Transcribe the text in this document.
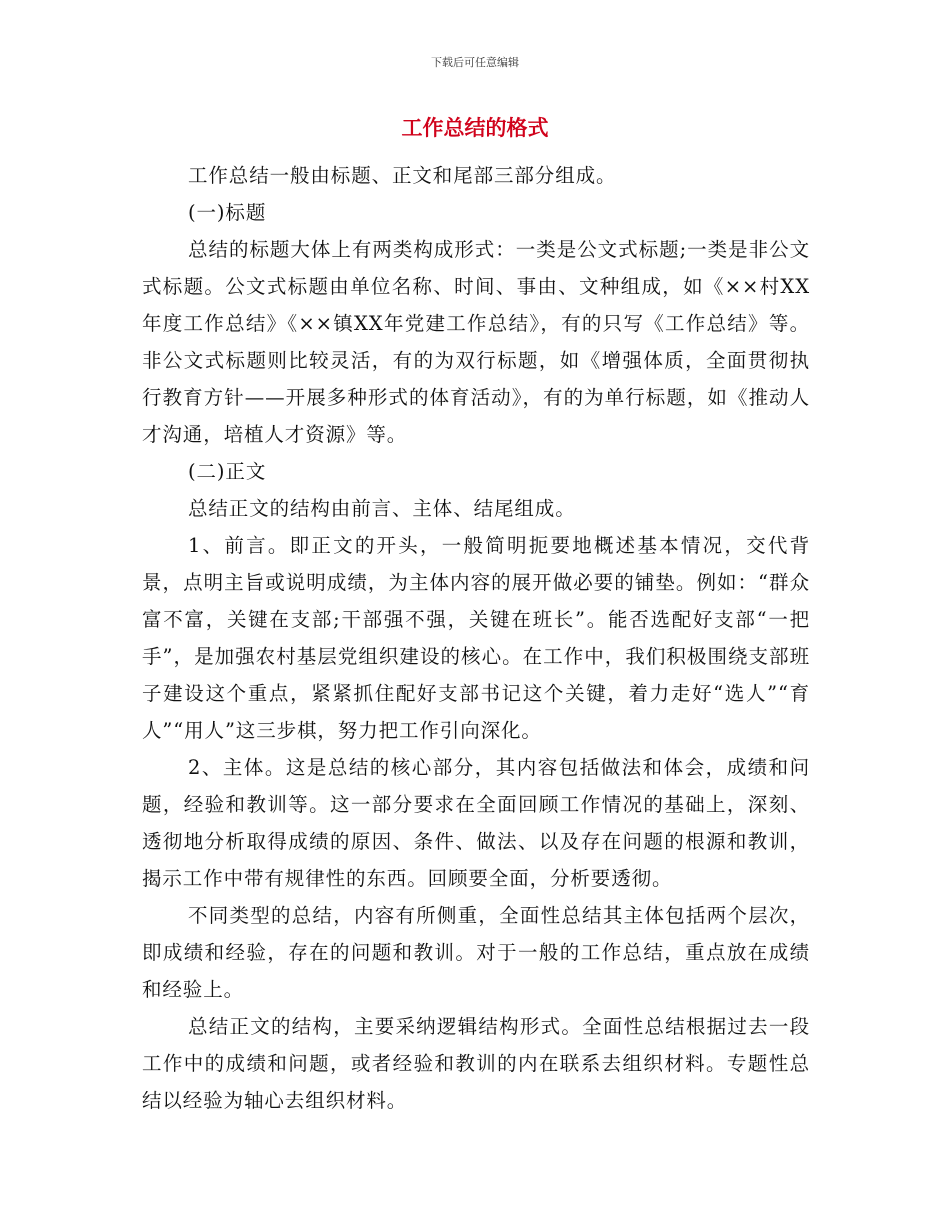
下载后可任意编辑
工作总结的格式

工作总结一般由标题、正文和尾部三部分组成。

(一)标题

总结的标题大体上有两类构成形式：一类是公文式标题;一类是非公文式标题。公文式标题由单位名称、时间、事由、文种组成，如《××村XX年度工作总结》《××镇XX年党建工作总结》，有的只写《工作总结》等。非公文式标题则比较灵活，有的为双行标题，如《增强体质，全面贯彻执行教育方针——开展多种形式的体育活动》，有的为单行标题，如《推动人才沟通，培植人才资源》等。

(二)正文

总结正文的结构由前言、主体、结尾组成。

1、前言。即正文的开头，一般简明扼要地概述基本情况，交代背景，点明主旨或说明成绩，为主体内容的展开做必要的铺垫。例如：“群众富不富，关键在支部;干部强不强，关键在班长”。能否选配好支部“一把手”，是加强农村基层党组织建设的核心。在工作中，我们积极围绕支部班子建设这个重点，紧紧抓住配好支部书记这个关键，着力走好“选人”“育人”“用人”这三步棋，努力把工作引向深化。

2、主体。这是总结的核心部分，其内容包括做法和体会，成绩和问题，经验和教训等。这一部分要求在全面回顾工作情况的基础上，深刻、透彻地分析取得成绩的原因、条件、做法、以及存在问题的根源和教训，揭示工作中带有规律性的东西。回顾要全面，分析要透彻。

不同类型的总结，内容有所侧重，全面性总结其主体包括两个层次，即成绩和经验，存在的问题和教训。对于一般的工作总结，重点放在成绩和经验上。

总结正文的结构，主要采纳逻辑结构形式。全面性总结根据过去一段工作中的成绩和问题，或者经验和教训的内在联系去组织材料。专题性总结以经验为轴心去组织材料。
